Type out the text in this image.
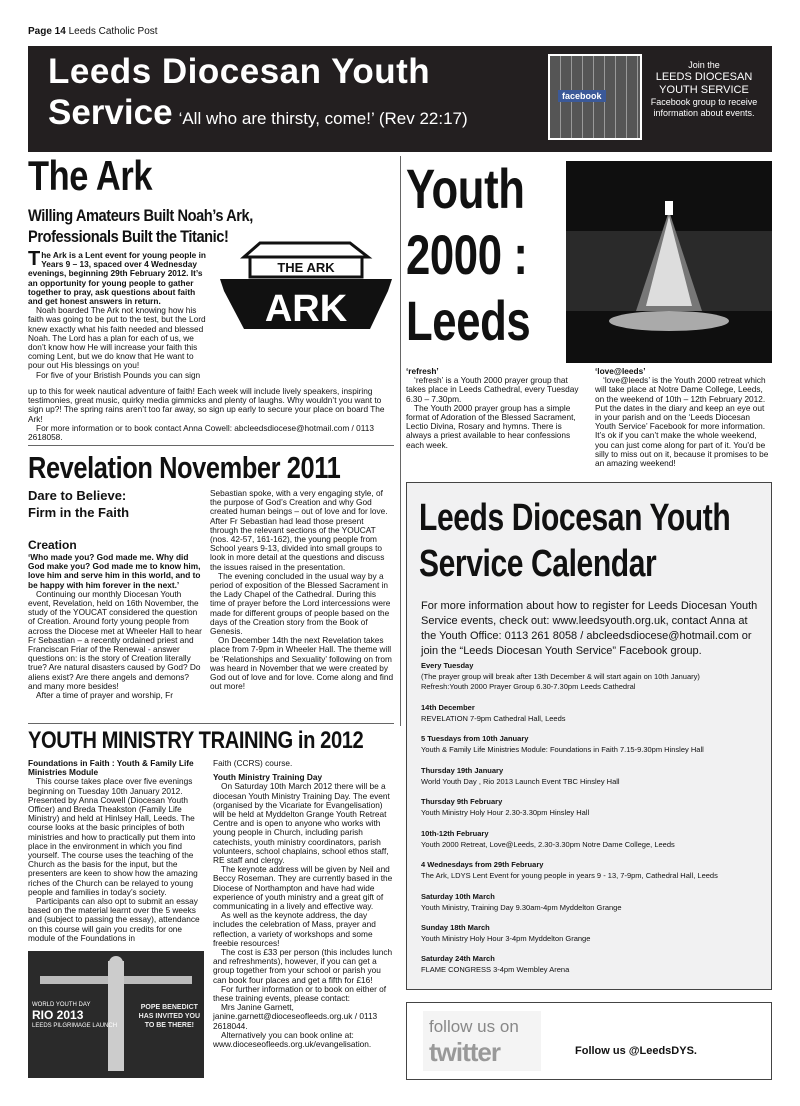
Page 14 Leeds Catholic Post
Leeds Diocesan Youth
Service ‘All who are thirsty, come!’ (Rev 22:17)
facebook
Join the
LEEDS DIOCESAN
YOUTH SERVICE
Facebook group to receive
information about events.
The Ark
Willing Amateurs Built Noah’s Ark,
Professionals Built the Titanic!

The Ark is a Lent event for young people in Years 9 – 13, spaced over 4 Wednesday evenings, beginning 29th February 2012. It’s an opportunity for young people to gather together to pray, ask questions about faith and get honest answers in return.

Noah boarded The Ark not knowing how his faith was going to be put to the test, but the Lord knew exactly what his faith needed and blessed Noah. The Lord has a plan for each of us, we don’t know how He will increase your faith this coming Lent, but we do know that He want to pour out His blessings on you!

For five of your Bristish Pounds you can sign

THE ARK
ARK

up to this for week nautical adventure of faith! Each week will include lively speakers, inspiring testimonies, great music, quirky media gimmicks and plenty of laughs. Why wouldn’t you want to sign up?! The spring rains aren’t too far away, so sign up early to secure your place on board The Ark!

For more information or to book contact Anna Cowell: abcleedsdiocese@hotmail.com / 0113 2618058.

Revelation November 2011
Dare to Believe:
Firm in the Faith
Creation

‘Who made you? God made me. Why did God make you? God made me to know him, love him and serve him in this world, and to be happy with him forever in the next.’

Continuing our monthly Diocesan Youth event, Revelation, held on 16th November, the study of the YOUCAT considered the question of Creation. Around forty young people from across the Diocese met at Wheeler Hall to hear Fr Sebastian – a recently ordained priest and Franciscan Friar of the Renewal - answer questions on: is the story of Creation literally true? Are natural disasters caused by God? Do aliens exist? Are there angels and demons? and many more besides!

After a time of prayer and worship, Fr

Sebastian spoke, with a very engaging style, of the purpose of God’s Creation and why God created human beings – out of love and for love. After Fr Sebastian had lead those present through the relevant sections of the YOUCAT (nos. 42-57, 161-162), the young people from School years 9-13, divided into small groups to look in more detail at the questions and discuss the issues raised in the presentation.

The evening concluded in the usual way by a period of exposition of the Blessed Sacrament in the Lady Chapel of the Cathedral. During this time of prayer before the Lord intercessions were made for different groups of people based on the days of the Creation story from the Book of Genesis.

On December 14th the next Revelation takes place from 7-9pm in Wheeler Hall. The theme will be ‘Relationships and Sexuality’ following on from was heard in November that we were created by God out of love and for love. Come along and find out more!

YOUTH MINISTRY TRAINING in 2012

Foundations in Faith : Youth & Family Life Ministries Module

This course takes place over five evenings beginning on Tuesday 10th January 2012. Presented by Anna Cowell (Diocesan Youth Officer) and Breda Theakston (Family Life Ministry) and held at Hinlsey Hall, Leeds. The course looks at the basic principles of both ministries and how to practically put them into place in the environment in which you find yourself. The course uses the teaching of the Church as the basis for the input, but the presenters are keen to show how the amazing riches of the Church can be relayed to young people and families in today’s society.

Participants can also opt to submit an essay based on the material learnt over the 5 weeks and (subject to passing the essay), attendance on this course will gain you credits for one module of the Foundations in

Faith (CCRS) course.

Youth Ministry Training Day

On Saturday 10th March 2012 there will be a diocesan Youth Ministry Training Day. The event (organised by the Vicariate for Evangelisation) will be held at Myddelton Grange Youth Retreat Centre and is open to anyone who works with young people in Church, including parish catechists, youth ministry coordinators, parish volunteers, school chaplains, school ethos staff, RE staff and clergy.

The keynote address will be given by Neil and Beccy Roseman. They are currently based in the Diocese of Northampton and have had wide experience of youth ministry and a great gift of communicating in a lively and effective way.

As well as the keynote address, the day includes the celebration of Mass, prayer and reflection, a variety of workshops and some freebie resources!

The cost is £33 per person (this includes lunch and refreshments), however, if you can get a group together from your school or parish you can book four places and get a fifth for £16!

For further information or to book on either of these training events, please contact:

Mrs Janine Garnett,

janine.garnett@dioceseofleeds.org.uk / 0113 2618044.

Alternatively you can book online at: www.dioceseofleeds.org.uk/evangelisation.

WORLD YOUTH DAY
RIO 2013
LEEDS PILGRIMAGE LAUNCH
POPE BENEDICT
HAS INVITED YOU
TO BE THERE!
Youth
2000 :
Leeds

‘refresh’

‘refresh’ is a Youth 2000 prayer group that takes place in Leeds Cathedral, every Tuesday 6.30 – 7.30pm.

The Youth 2000 prayer group has a simple format of Adoration of the Blessed Sacrament, Lectio Divina, Rosary and hymns. There is always a priest available to hear confessions each week.

‘love@leeds’

‘love@leeds’ is the Youth 2000 retreat which will take place at Notre Dame College, Leeds, on the weekend of 10th – 12th February 2012. Put the dates in the diary and keep an eye out in your parish and on the ‘Leeds Diocesan Youth Service’ Facebook for more information. It’s ok if you can’t make the whole weekend, you can just come along for part of it. You’d be silly to miss out on it, because it promises to be an amazing weekend!

Leeds Diocesan Youth
Service Calendar
For more information about how to register for Leeds Diocesan Youth Service events, check out: www.leedsyouth.org.uk, contact Anna at the Youth Office: 0113 261 8058 / abcleedsdiocese@hotmail.com or join the “Leeds Diocesan Youth Service” Facebook group.
Every Tuesday
(The prayer group will break after 13th December & will start again on 10th January)
Refresh:Youth 2000 Prayer Group 6.30-7.30pm Leeds Cathedral
14th December
REVELATION 7-9pm Cathedral Hall, Leeds
5 Tuesdays from 10th January
Youth & Family Life Ministries Module: Foundations in Faith 7.15-9.30pm Hinsley Hall
Thursday 19th January
World Youth Day , Rio 2013 Launch Event TBC Hinsley Hall
Thursday 9th February
Youth Ministry Holy Hour 2.30-3.30pm Hinsley Hall
10th-12th February
Youth 2000 Retreat, Love@Leeds, 2.30-3.30pm Notre Dame College, Leeds
4 Wednesdays from 29th February
The Ark, LDYS Lent Event for young people in years 9 - 13, 7-9pm, Cathedral Hall, Leeds
Saturday 10th March
Youth Ministry, Training Day 9.30am-4pm Myddelton Grange
Sunday 18th March
Youth Ministry Holy Hour 3-4pm Myddelton Grange
Saturday 24th March
FLAME CONGRESS 3-4pm Wembley Arena
follow us on
twitter	Follow us @LeedsDYS.
